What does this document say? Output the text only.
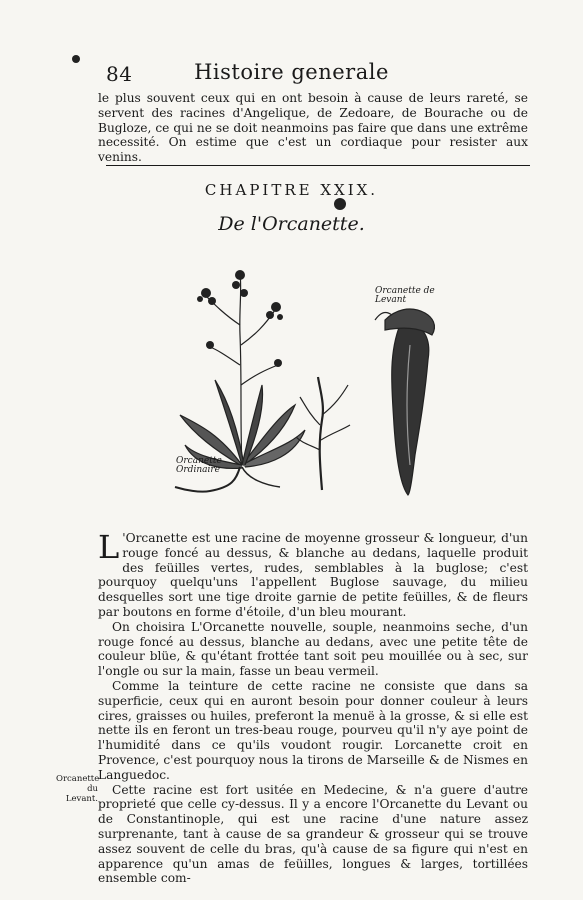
84	Histoire generale

le plus souvent ceux qui en ont besoin à cause de leurs rareté, se servent des racines d'Angelique, de Zedoare, de Bourache ou de Bugloze, ce qui ne se doit neanmoins pas faire que dans une extrême necessité. On estime que c'est un cordiaque pour resister aux venins.

CHAPITRE XXIX.
De l'Orcanette.
Orcanette Ordinaire
Orcanette de Levant

L 'Orcanette est une racine de moyenne grosseur & longueur, d'un rouge foncé au dessus, & blanche au dedans, laquelle produit des feüilles vertes, rudes, semblables à la buglose; c'est pourquoy quelqu'uns l'appellent Buglose sauvage, du milieu desquelles sort une tige droite garnie de petite feüilles, & de fleurs par boutons en forme d'étoile, d'un bleu mourant.

On choisira L'Orcanette nouvelle, souple, neanmoins seche, d'un rouge foncé au dessus, blanche au dedans, avec une petite tête de couleur blüe, & qu'étant frottée tant soit peu mouillée ou à sec, sur l'ongle ou sur la main, fasse un beau vermeil.

Comme la teinture de cette racine ne consiste que dans sa superficie, ceux qui en auront besoin pour donner couleur à leurs cires, graisses ou huiles, preferont la menuë à la grosse, & si elle est nette ils en feront un tres-beau rouge, pourveu qu'il n'y aye point de l'humidité dans ce qu'ils voudont rougir. Lorcanette croit en Provence, c'est pourquoy nous la tirons de Marseille & de Nismes en Languedoc.

Cette racine est fort usitée en Medecine, & n'a guere d'autre proprieté que celle cy-dessus. Il y a encore l'Orcanette du Levant ou de Constantinople, qui est une racine d'une nature assez surprenante, tant à cause de sa grandeur & grosseur qui se trouve assez souvent de celle du bras, qu'à cause de sa figure qui n'est en apparence qu'un amas de feüilles, longues & larges, tortillées ensemble com-

Orcanette du Levant.
